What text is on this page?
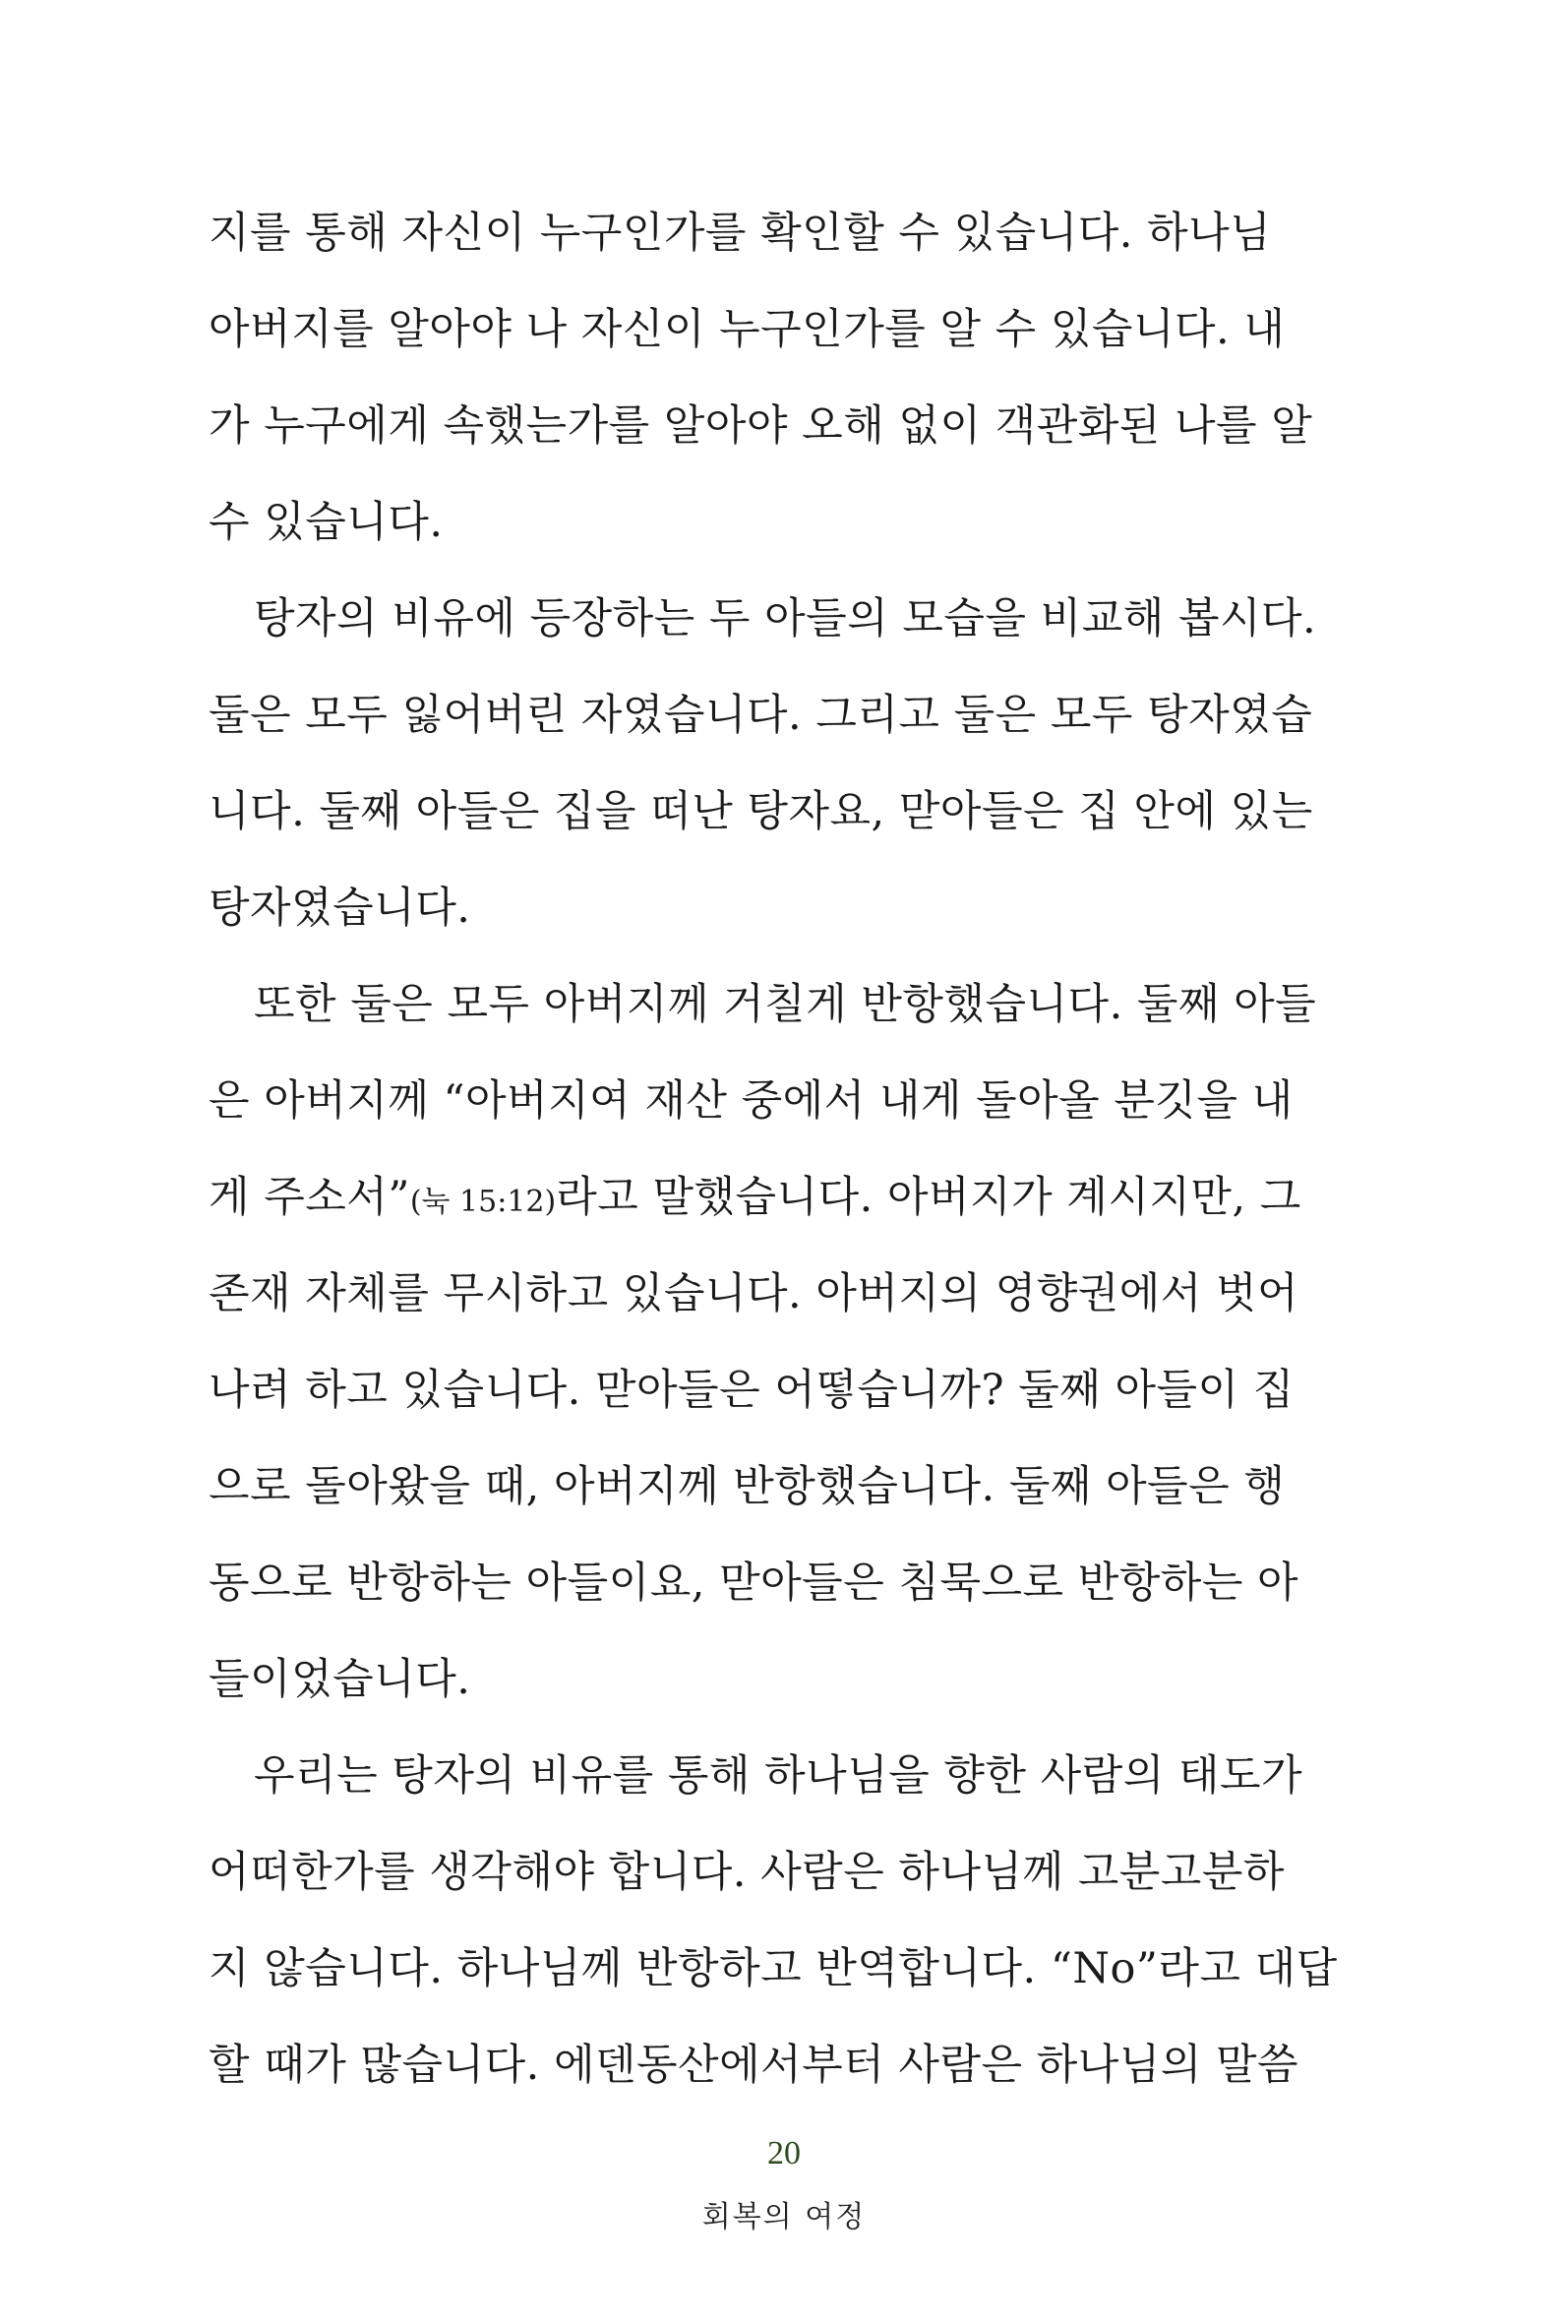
지를 통해 자신이 누구인가를 확인할 수 있습니다. 하나님
아버지를 알아야 나 자신이 누구인가를 알 수 있습니다. 내
가 누구에게 속했는가를 알아야 오해 없이 객관화된 나를 알
수 있습니다.
탕자의 비유에 등장하는 두 아들의 모습을 비교해 봅시다.
둘은 모두 잃어버린 자였습니다. 그리고 둘은 모두 탕자였습
니다. 둘째 아들은 집을 떠난 탕자요, 맏아들은 집 안에 있는
탕자였습니다.
또한 둘은 모두 아버지께 거칠게 반항했습니다. 둘째 아들
은 아버지께 “아버지여 재산 중에서 내게 돌아올 분깃을 내
게 주소서”(눅 15:12)라고 말했습니다. 아버지가 계시지만, 그
존재 자체를 무시하고 있습니다. 아버지의 영향권에서 벗어
나려 하고 있습니다. 맏아들은 어떻습니까? 둘째 아들이 집
으로 돌아왔을 때, 아버지께 반항했습니다. 둘째 아들은 행
동으로 반항하는 아들이요, 맏아들은 침묵으로 반항하는 아
들이었습니다.
우리는 탕자의 비유를 통해 하나님을 향한 사람의 태도가
어떠한가를 생각해야 합니다. 사람은 하나님께 고분고분하
지 않습니다. 하나님께 반항하고 반역합니다. “No”라고 대답
할 때가 많습니다. 에덴동산에서부터 사람은 하나님의 말씀
20
회복의 여정
